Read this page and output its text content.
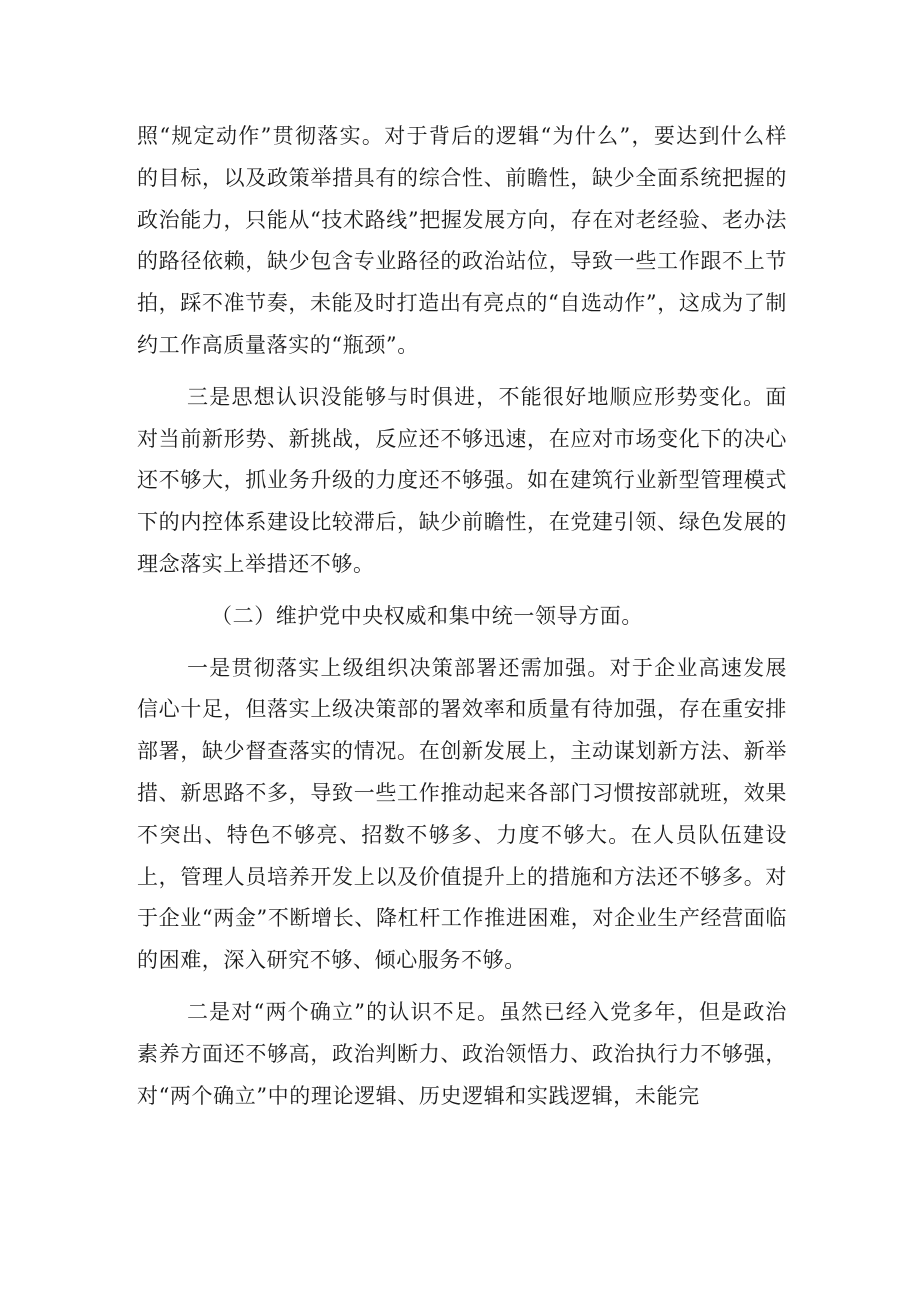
照“规定动作”贯彻落实。对于背后的逻辑“为什么”，要达到什么样的目标，以及政策举措具有的综合性、前瞻性，缺少全面系统把握的政治能力，只能从“技术路线”把握发展方向，存在对老经验、老办法的路径依赖，缺少包含专业路径的政治站位，导致一些工作跟不上节拍，踩不准节奏，未能及时打造出有亮点的“自选动作”，这成为了制约工作高质量落实的“瓶颈”。

三是思想认识没能够与时俱进，不能很好地顺应形势变化。面对当前新形势、新挑战，反应还不够迅速，在应对市场变化下的决心还不够大，抓业务升级的力度还不够强。如在建筑行业新型管理模式下的内控体系建设比较滞后，缺少前瞻性，在党建引领、绿色发展的理念落实上举措还不够。

（二）维护党中央权威和集中统一领导方面。

一是贯彻落实上级组织决策部署还需加强。对于企业高速发展信心十足，但落实上级决策部的署效率和质量有待加强，存在重安排部署，缺少督查落实的情况。在创新发展上，主动谋划新方法、新举措、新思路不多，导致一些工作推动起来各部门习惯按部就班，效果不突出、特色不够亮、招数不够多、力度不够大。在人员队伍建设上，管理人员培养开发上以及价值提升上的措施和方法还不够多。对于企业“两金”不断增长、降杠杆工作推进困难，对企业生产经营面临的困难，深入研究不够、倾心服务不够。

二是对“两个确立”的认识不足。虽然已经入党多年，但是政治素养方面还不够高，政治判断力、政治领悟力、政治执行力不够强，对“两个确立”中的理论逻辑、历史逻辑和实践逻辑，未能完
